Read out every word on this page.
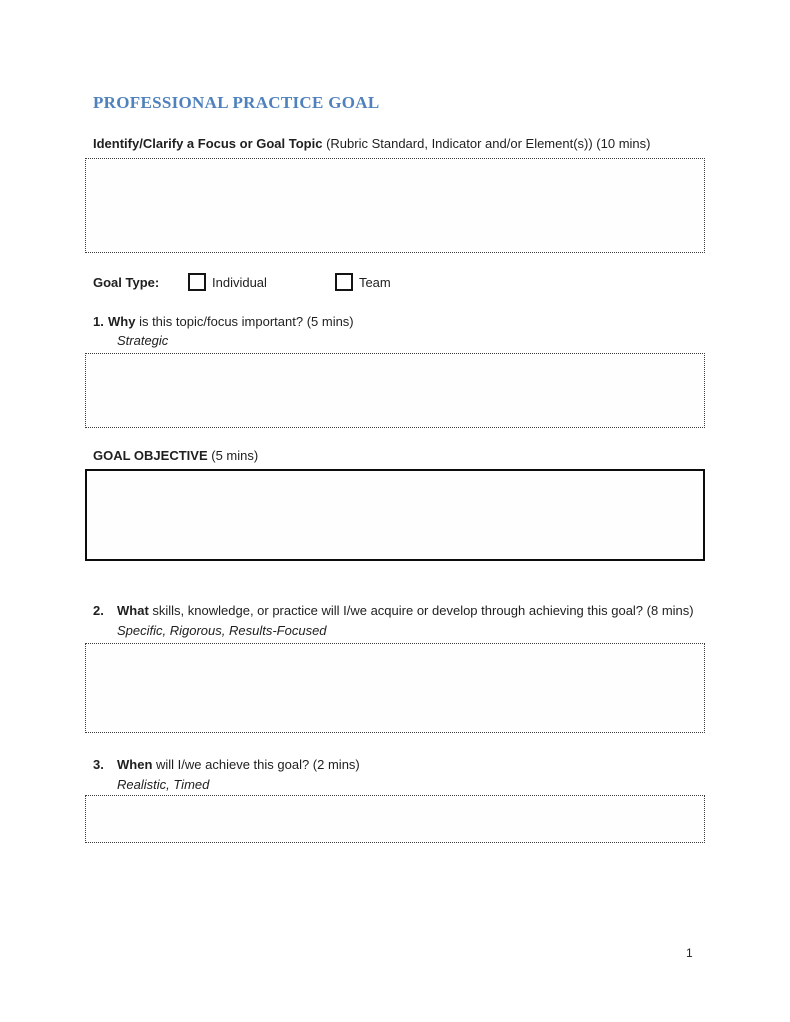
PROFESSIONAL PRACTICE GOAL
Identify/Clarify a Focus or Goal Topic (Rubric Standard, Indicator and/or Element(s)) (10 mins)
Goal Type:	Individual	Team
1. Why is this topic/focus important? (5 mins)
Strategic
GOAL OBJECTIVE (5 mins)
2. What skills, knowledge, or practice will I/we acquire or develop through achieving this goal? (8 mins)
Specific, Rigorous, Results-Focused
3. When will I/we achieve this goal? (2 mins)
Realistic, Timed
1
